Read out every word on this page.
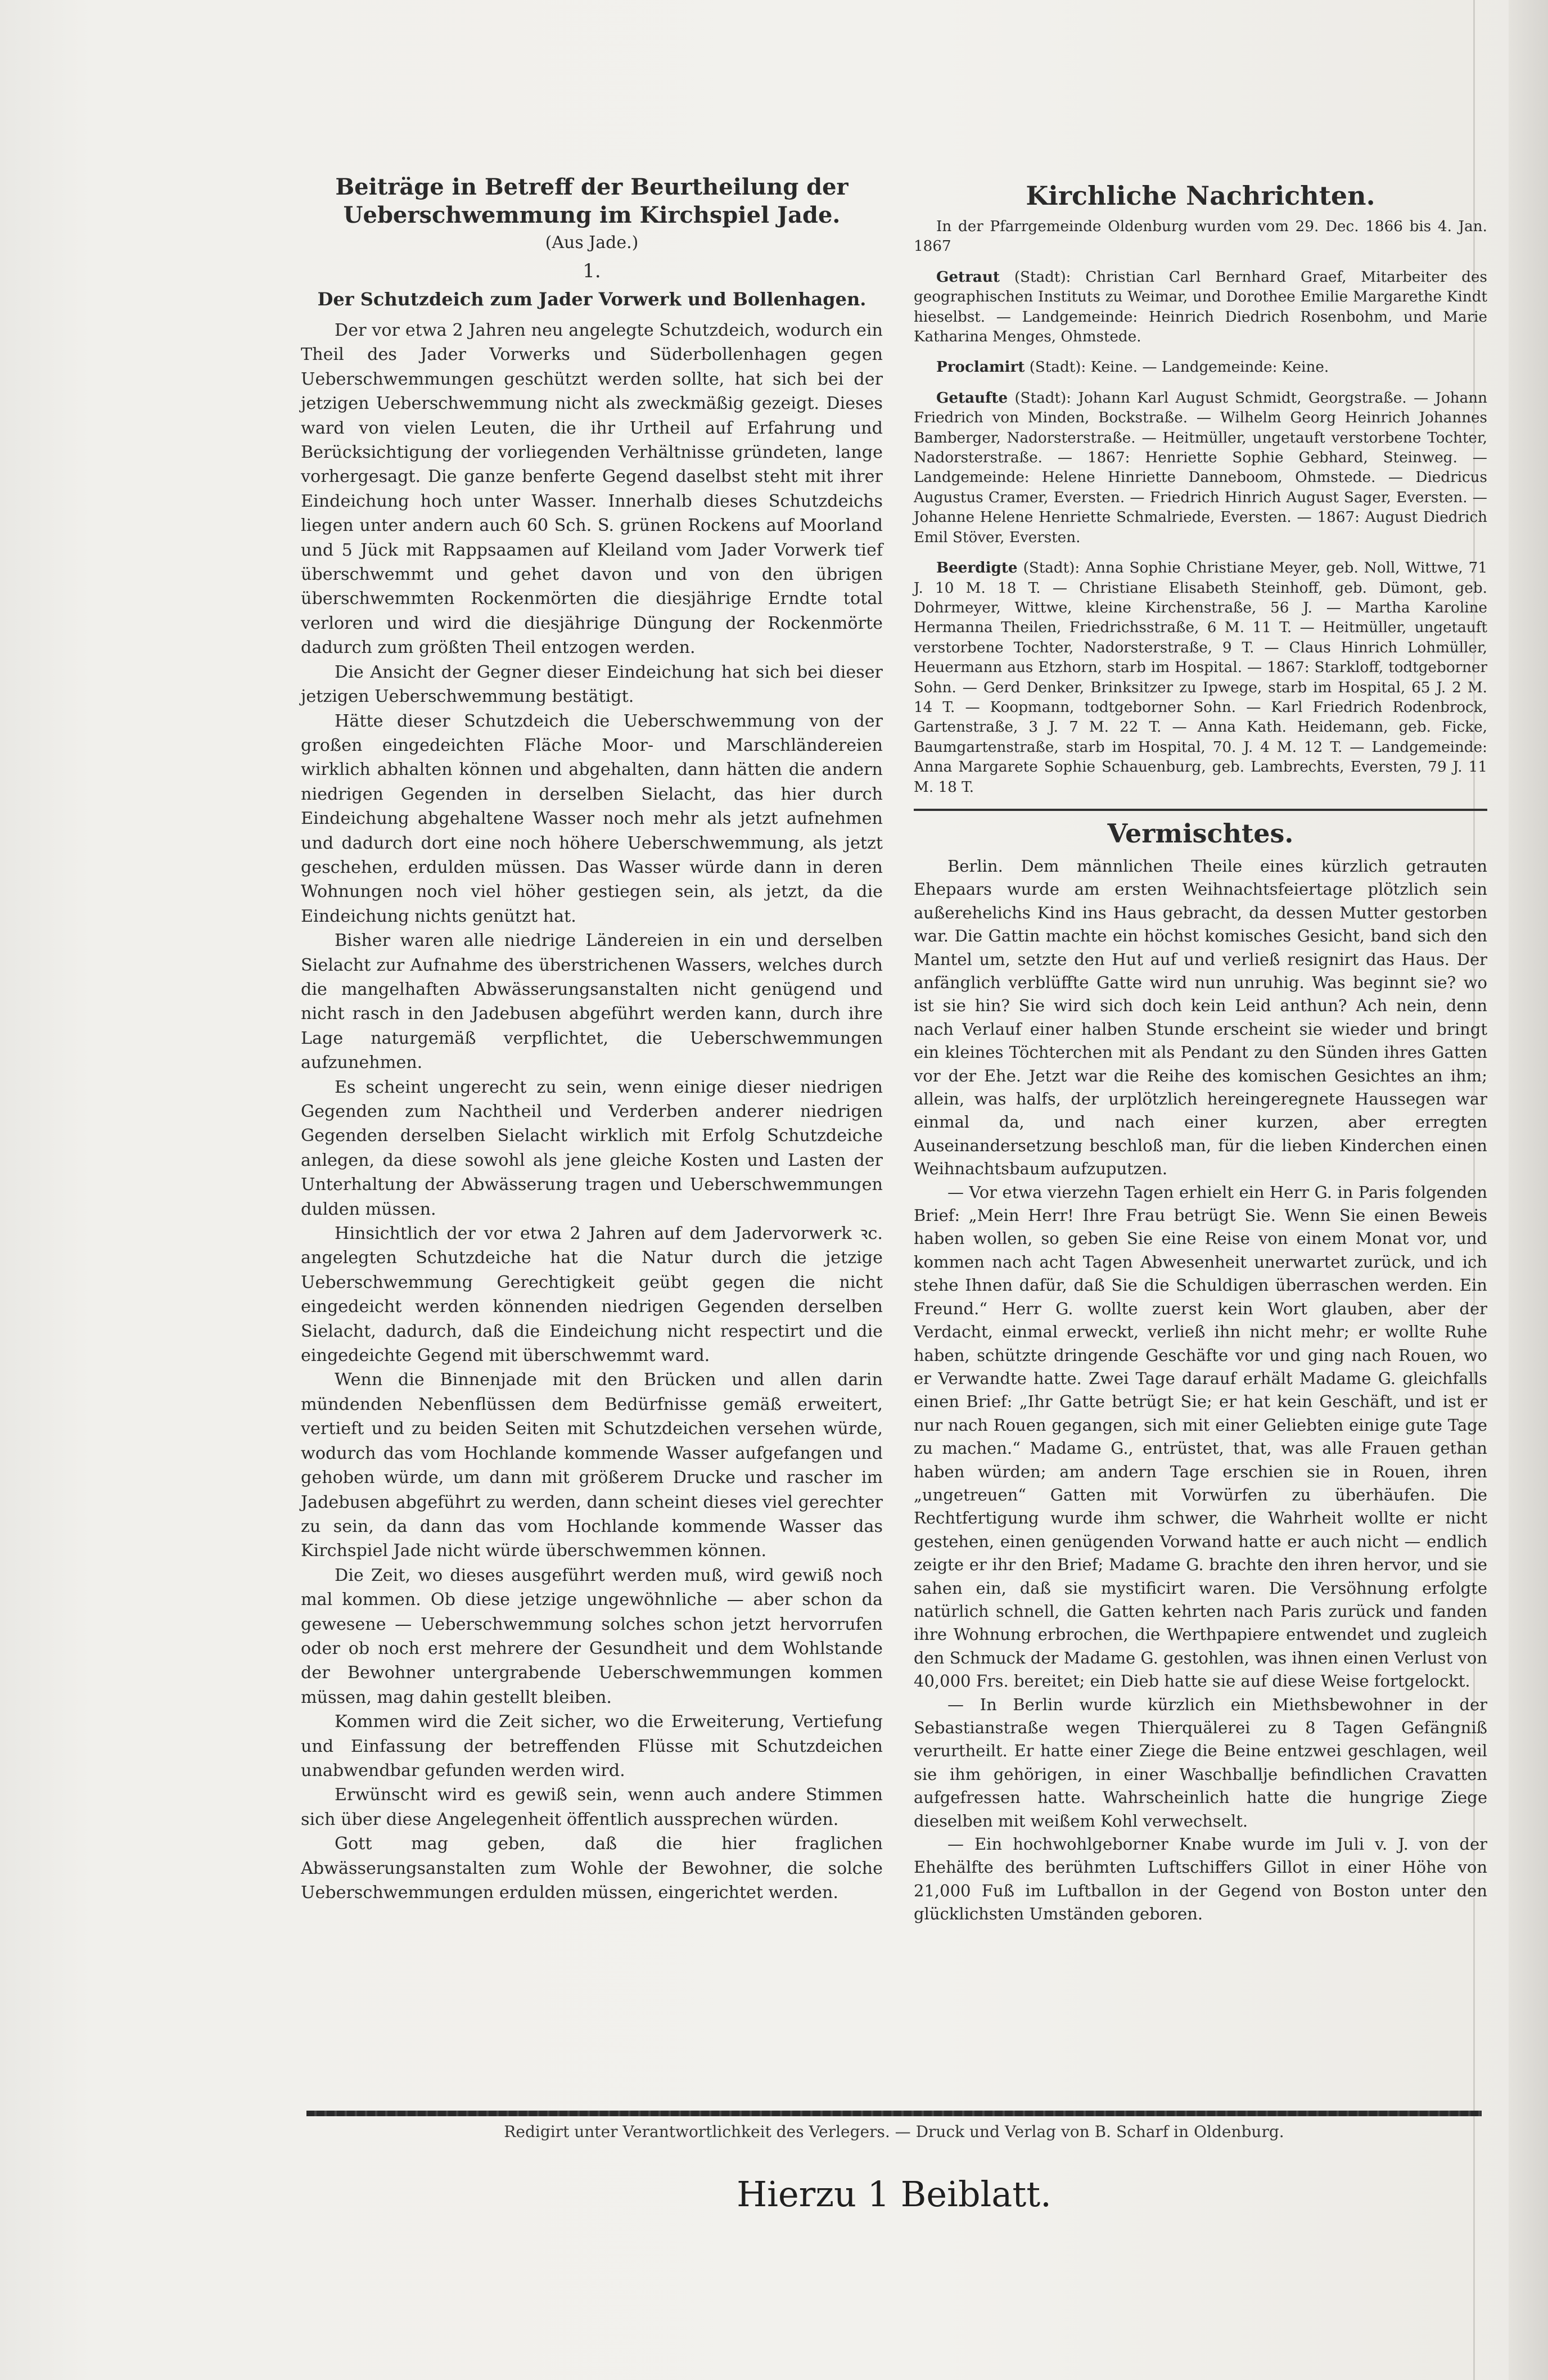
Beiträge in Betreff der Beurtheilung der Ueberschwemmung im Kirchspiel Jade.
(Aus Jade.)
1.
Der Schutzdeich zum Jader Vorwerk und Bollenhagen.

Der vor etwa 2 Jahren neu angelegte Schutzdeich, wodurch ein Theil des Jader Vorwerks und Süderbollenhagen gegen Ueberschwemmungen geschützt werden sollte, hat sich bei der jetzigen Ueberschwemmung nicht als zweckmäßig gezeigt. Dieses ward von vielen Leuten, die ihr Urtheil auf Erfahrung und Berücksichtigung der vorliegenden Verhältnisse gründeten, lange vorhergesagt. Die ganze benferte Gegend daselbst steht mit ihrer Eindeichung hoch unter Wasser. Innerhalb dieses Schutzdeichs liegen unter andern auch 60 Sch. S. grünen Rockens auf Moorland und 5 Jück mit Rappsaamen auf Kleiland vom Jader Vorwerk tief überschwemmt und gehet davon und von den übrigen überschwemmten Rockenmörten die diesjährige Erndte total verloren und wird die diesjährige Düngung der Rockenmörte dadurch zum größten Theil entzogen werden.

Die Ansicht der Gegner dieser Eindeichung hat sich bei dieser jetzigen Ueberschwemmung bestätigt.

Hätte dieser Schutzdeich die Ueberschwemmung von der großen eingedeichten Fläche Moor- und Marschländereien wirklich abhalten können und abgehalten, dann hätten die andern niedrigen Gegenden in derselben Sielacht, das hier durch Eindeichung abgehaltene Wasser noch mehr als jetzt aufnehmen und dadurch dort eine noch höhere Ueberschwemmung, als jetzt geschehen, erdulden müssen. Das Wasser würde dann in deren Wohnungen noch viel höher gestiegen sein, als jetzt, da die Eindeichung nichts genützt hat.

Bisher waren alle niedrige Ländereien in ein und derselben Sielacht zur Aufnahme des überstrichenen Wassers, welches durch die mangelhaften Abwässerungsanstalten nicht genügend und nicht rasch in den Jadebusen abgeführt werden kann, durch ihre Lage naturgemäß verpflichtet, die Ueberschwemmungen aufzunehmen.

Es scheint ungerecht zu sein, wenn einige dieser niedrigen Gegenden zum Nachtheil und Verderben anderer niedrigen Gegenden derselben Sielacht wirklich mit Erfolg Schutzdeiche anlegen, da diese sowohl als jene gleiche Kosten und Lasten der Unterhaltung der Abwässerung tragen und Ueberschwemmungen dulden müssen.

Hinsichtlich der vor etwa 2 Jahren auf dem Jadervorwerk ꝛc. angelegten Schutzdeiche hat die Natur durch die jetzige Ueberschwemmung Gerechtigkeit geübt gegen die nicht eingedeicht werden könnenden niedrigen Gegenden derselben Sielacht, dadurch, daß die Eindeichung nicht respectirt und die eingedeichte Gegend mit überschwemmt ward.

Wenn die Binnenjade mit den Brücken und allen darin mündenden Nebenflüssen dem Bedürfnisse gemäß erweitert, vertieft und zu beiden Seiten mit Schutzdeichen versehen würde, wodurch das vom Hochlande kommende Wasser aufgefangen und gehoben würde, um dann mit größerem Drucke und rascher im Jadebusen abgeführt zu werden, dann scheint dieses viel gerechter zu sein, da dann das vom Hochlande kommende Wasser das Kirchspiel Jade nicht würde überschwemmen können.

Die Zeit, wo dieses ausgeführt werden muß, wird gewiß noch mal kommen. Ob diese jetzige ungewöhnliche — aber schon da gewesene — Ueberschwemmung solches schon jetzt hervorrufen oder ob noch erst mehrere der Gesundheit und dem Wohlstande der Bewohner untergrabende Ueberschwemmungen kommen müssen, mag dahin gestellt bleiben.

Kommen wird die Zeit sicher, wo die Erweiterung, Vertiefung und Einfassung der betreffenden Flüsse mit Schutzdeichen unabwendbar gefunden werden wird.

Erwünscht wird es gewiß sein, wenn auch andere Stimmen sich über diese Angelegenheit öffentlich aussprechen würden.

Gott mag geben, daß die hier fraglichen Abwässerungsanstalten zum Wohle der Bewohner, die solche Ueberschwemmungen erdulden müssen, eingerichtet werden.

Kirchliche Nachrichten.

In der Pfarrgemeinde Oldenburg wurden vom 29. Dec. 1866 bis 4. Jan. 1867

Getraut (Stadt): Christian Carl Bernhard Graef, Mitarbeiter des geographischen Instituts zu Weimar, und Dorothee Emilie Margarethe Kindt hieselbst. — Landgemeinde: Heinrich Diedrich Rosenbohm, und Marie Katharina Menges, Ohmstede.

Proclamirt (Stadt): Keine. — Landgemeinde: Keine.

Getaufte (Stadt): Johann Karl August Schmidt, Georgstraße. — Johann Friedrich von Minden, Bockstraße. — Wilhelm Georg Heinrich Johannes Bamberger, Nadorsterstraße. — Heitmüller, ungetauft verstorbene Tochter, Nadorsterstraße. — 1867: Henriette Sophie Gebhard, Steinweg. — Landgemeinde: Helene Hinriette Danneboom, Ohmstede. — Diedricus Augustus Cramer, Eversten. — Friedrich Hinrich August Sager, Eversten. — Johanne Helene Henriette Schmalriede, Eversten. — 1867: August Diedrich Emil Stöver, Eversten.

Beerdigte (Stadt): Anna Sophie Christiane Meyer, geb. Noll, Wittwe, 71 J. 10 M. 18 T. — Christiane Elisabeth Steinhoff, geb. Dümont, geb. Dohrmeyer, Wittwe, kleine Kirchenstraße, 56 J. — Martha Karoline Hermanna Theilen, Friedrichsstraße, 6 M. 11 T. — Heitmüller, ungetauft verstorbene Tochter, Nadorsterstraße, 9 T. — Claus Hinrich Lohmüller, Heuermann aus Etzhorn, starb im Hospital. — 1867: Starkloff, todtgeborner Sohn. — Gerd Denker, Brinksitzer zu Ipwege, starb im Hospital, 65 J. 2 M. 14 T. — Koopmann, todtgeborner Sohn. — Karl Friedrich Rodenbrock, Gartenstraße, 3 J. 7 M. 22 T. — Anna Kath. Heidemann, geb. Ficke, Baumgartenstraße, starb im Hospital, 70. J. 4 M. 12 T. — Landgemeinde: Anna Margarete Sophie Schauenburg, geb. Lambrechts, Eversten, 79 J. 11 M. 18 T.

Vermischtes.

Berlin. Dem männlichen Theile eines kürzlich getrauten Ehepaars wurde am ersten Weihnachtsfeiertage plötzlich sein außerehelichs Kind ins Haus gebracht, da dessen Mutter gestorben war. Die Gattin machte ein höchst komisches Gesicht, band sich den Mantel um, setzte den Hut auf und verließ resignirt das Haus. Der anfänglich verblüffte Gatte wird nun unruhig. Was beginnt sie? wo ist sie hin? Sie wird sich doch kein Leid anthun? Ach nein, denn nach Verlauf einer halben Stunde erscheint sie wieder und bringt ein kleines Töchterchen mit als Pendant zu den Sünden ihres Gatten vor der Ehe. Jetzt war die Reihe des komischen Gesichtes an ihm; allein, was halfs, der urplötzlich hereingeregnete Haussegen war einmal da, und nach einer kurzen, aber erregten Auseinandersetzung beschloß man, für die lieben Kinderchen einen Weihnachtsbaum aufzuputzen.

— Vor etwa vierzehn Tagen erhielt ein Herr G. in Paris folgenden Brief: „Mein Herr! Ihre Frau betrügt Sie. Wenn Sie einen Beweis haben wollen, so geben Sie eine Reise von einem Monat vor, und kommen nach acht Tagen Abwesenheit unerwartet zurück, und ich stehe Ihnen dafür, daß Sie die Schuldigen überraschen werden. Ein Freund.“ Herr G. wollte zuerst kein Wort glauben, aber der Verdacht, einmal erweckt, verließ ihn nicht mehr; er wollte Ruhe haben, schützte dringende Geschäfte vor und ging nach Rouen, wo er Verwandte hatte. Zwei Tage darauf erhält Madame G. gleichfalls einen Brief: „Ihr Gatte betrügt Sie; er hat kein Geschäft, und ist er nur nach Rouen gegangen, sich mit einer Geliebten einige gute Tage zu machen.“ Madame G., entrüstet, that, was alle Frauen gethan haben würden; am andern Tage erschien sie in Rouen, ihren „ungetreuen“ Gatten mit Vorwürfen zu überhäufen. Die Rechtfertigung wurde ihm schwer, die Wahrheit wollte er nicht gestehen, einen genügenden Vorwand hatte er auch nicht — endlich zeigte er ihr den Brief; Madame G. brachte den ihren hervor, und sie sahen ein, daß sie mystificirt waren. Die Versöhnung erfolgte natürlich schnell, die Gatten kehrten nach Paris zurück und fanden ihre Wohnung erbrochen, die Werthpapiere entwendet und zugleich den Schmuck der Madame G. gestohlen, was ihnen einen Verlust von 40,000 Frs. bereitet; ein Dieb hatte sie auf diese Weise fortgelockt.

— In Berlin wurde kürzlich ein Miethsbewohner in der Sebastianstraße wegen Thierquälerei zu 8 Tagen Gefängniß verurtheilt. Er hatte einer Ziege die Beine entzwei geschlagen, weil sie ihm gehörigen, in einer Waschballje befindlichen Cravatten aufgefressen hatte. Wahrscheinlich hatte die hungrige Ziege dieselben mit weißem Kohl verwechselt.

— Ein hochwohlgeborner Knabe wurde im Juli v. J. von der Ehehälfte des berühmten Luftschiffers Gillot in einer Höhe von 21,000 Fuß im Luftballon in der Gegend von Boston unter den glücklichsten Umständen geboren.

Redigirt unter Verantwortlichkeit des Verlegers. — Druck und Verlag von B. Scharf in Oldenburg.
Hierzu 1 Beiblatt.
